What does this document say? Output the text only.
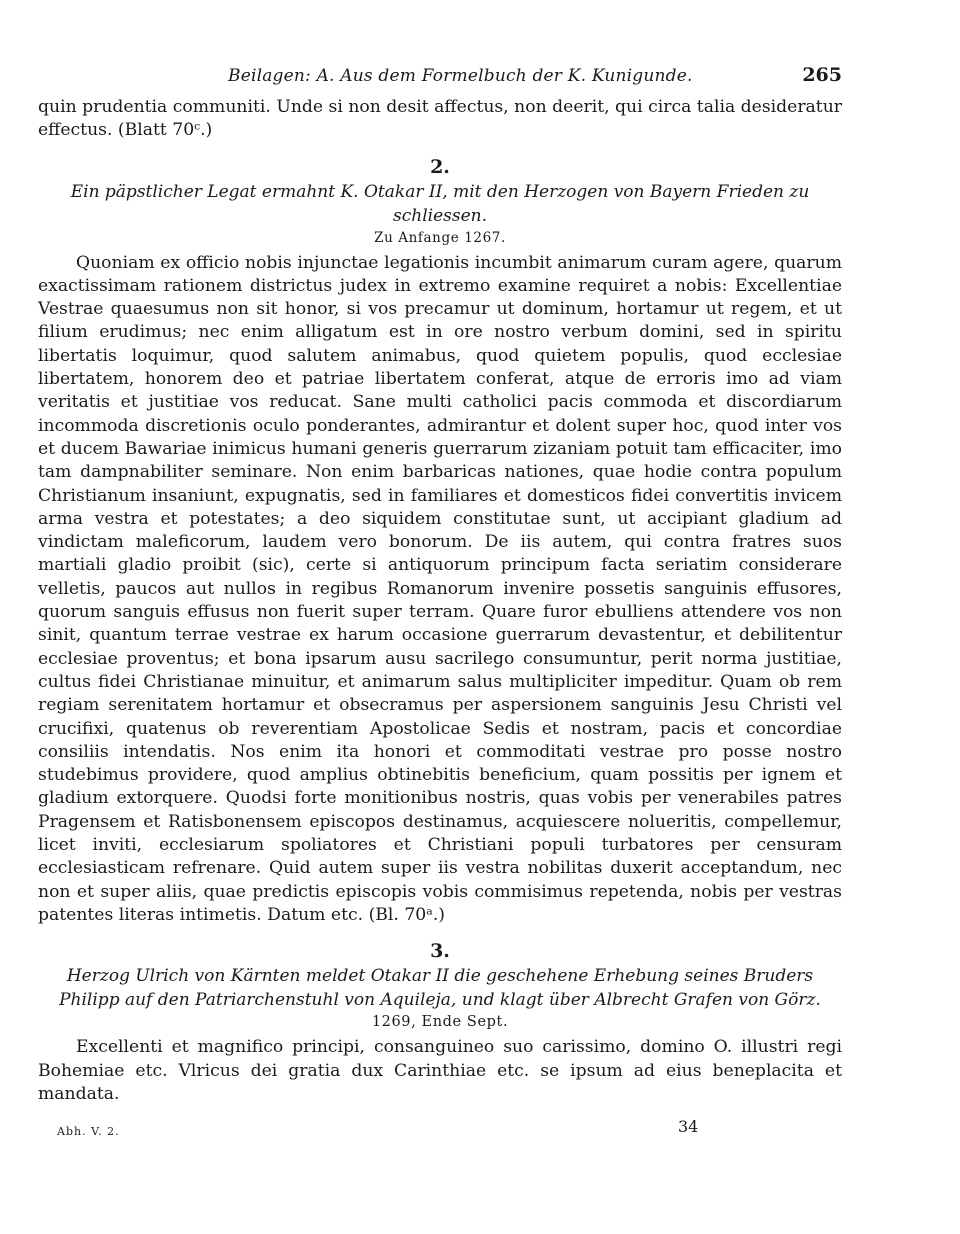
Beilagen: A. Aus dem Formelbuch der K. Kunigunde.	265

quin prudentia communiti. Unde si non desit affectus, non deerit, qui circa talia desideratur effectus. (Blatt 70ᶜ.)

2.

Ein päpstlicher Legat ermahnt K. Otakar II, mit den Herzogen von Bayern Frieden zu schliessen.

Zu Anfange 1267.

Quoniam ex officio nobis injunctae legationis incumbit animarum curam agere, quarum exactissimam rationem districtus judex in extremo examine requiret a nobis: Excellentiae Vestrae quaesumus non sit honor, si vos precamur ut dominum, hortamur ut regem, et ut filium erudimus; nec enim alligatum est in ore nostro verbum domini, sed in spiritu libertatis loquimur, quod salutem animabus, quod quietem populis, quod ecclesiae libertatem, honorem deo et patriae libertatem conferat, atque de erroris imo ad viam veritatis et justitiae vos reducat. Sane multi catholici pacis commoda et discordiarum incommoda discretionis oculo ponderantes, admirantur et dolent super hoc, quod inter vos et ducem Bawariae inimicus humani generis guerrarum zizaniam potuit tam efficaciter, imo tam dampnabiliter seminare. Non enim barbaricas nationes, quae hodie contra populum Christianum insaniunt, expugnatis, sed in familiares et domesticos fidei convertitis invicem arma vestra et potestates; a deo siquidem constitutae sunt, ut accipiant gladium ad vindictam maleficorum, laudem vero bonorum. De iis autem, qui contra fratres suos martiali gladio proibit (sic), certe si antiquorum principum facta seriatim considerare velletis, paucos aut nullos in regibus Romanorum invenire possetis sanguinis effusores, quorum sanguis effusus non fuerit super terram. Quare furor ebulliens attendere vos non sinit, quantum terrae vestrae ex harum occasione guerrarum devastentur, et debilitentur ecclesiae proventus; et bona ipsarum ausu sacrilego consumuntur, perit norma justitiae, cultus fidei Christianae minuitur, et animarum salus multipliciter impeditur. Quam ob rem regiam serenitatem hortamur et obsecramus per aspersionem sanguinis Jesu Christi vel crucifixi, quatenus ob reverentiam Apostolicae Sedis et nostram, pacis et concordiae consiliis intendatis. Nos enim ita honori et commoditati vestrae pro posse nostro studebimus providere, quod amplius obtinebitis beneficium, quam possitis per ignem et gladium extorquere. Quodsi forte monitionibus nostris, quas vobis per venerabiles patres Pragensem et Ratisbonensem episcopos destinamus, acquiescere nolueritis, compellemur, licet inviti, ecclesiarum spoliatores et Christiani populi turbatores per censuram ecclesiasticam refrenare. Quid autem super iis vestra nobilitas duxerit acceptandum, nec non et super aliis, quae predictis episcopis vobis commisimus repetenda, nobis per vestras patentes literas intimetis. Datum etc. (Bl. 70ᵃ.)

3.

Herzog Ulrich von Kärnten meldet Otakar II die geschehene Erhebung seines Bruders Philipp auf den Patriarchenstuhl von Aquileja, und klagt über Albrecht Grafen von Görz.

1269, Ende Sept.

Excellenti et magnifico principi, consanguineo suo carissimo, domino O. illustri regi Bohemiae etc. Vlricus dei gratia dux Carinthiae etc. se ipsum ad eius beneplacita et mandata.

Abh. V. 2.	34
